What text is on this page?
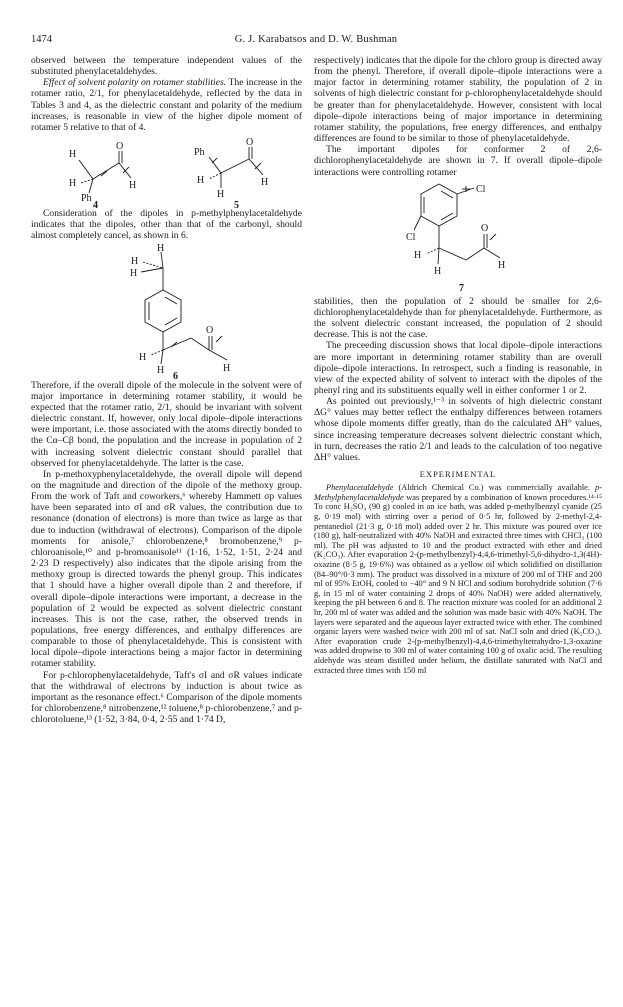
1474	G. J. Karabatsos and D. W. Bushman

observed between the temperature independent values of the substituted phenylacetaldehydes.

Effect of solvent polarity on rotamer stabilities. The increase in the rotamer ratio, 2/1, for phenylacetaldehyde, reflected by the data in Tables 3 and 4, as the dielectric constant and polarity of the medium increases, is reasonable in view of the higher dipole moment of rotamer 5 relative to that of 4.

H
O
H
Ph
H
4
Ph
O
H
H
H
5

Consideration of the dipoles in p-methylphenylacetaldehyde indicates that the dipoles, other than that of the carbonyl, should almost completely cancel, as shown in 6.

H
H
H
O
H
H	H
6

Therefore, if the overall dipole of the molecule in the solvent were of major importance in determining rotamer stability, it would be expected that the rotamer ratio, 2/1, should be invariant with solvent dielectric constant. If, however, only local dipole–dipole interactions were important, i.e. those associated with the atoms directly bonded to the Cα–Cβ bond, the population and the increase in population of 2 with increasing solvent dielectric constant should parallel that observed for phenylacetaldehyde. The latter is the case.

In p-methoxyphenylacetaldehyde, the overall dipole will depend on the magnitude and direction of the dipole of the methoxy group. From the work of Taft and coworkers,⁶ whereby Hammett σp values have been separated into σI and σR values, the contribution due to resonance (donation of electrons) is more than twice as large as that due to induction (withdrawal of electrons). Comparison of the dipole moments for anisole,⁷ chlorobenzene,⁸ bromobenzene,⁹ p-chloroanisole,¹⁰ and p-bromoanisole¹¹ (1·16, 1·52, 1·51, 2·24 and 2·23 D respectively) also indicates that the dipole arising from the methoxy group is directed towards the phenyl group. This indicates that 1 should have a higher overall dipole than 2 and therefore, if overall dipole–dipole interactions were important, a decrease in the population of 2 would be expected as solvent dielectric constant increases. This is not the case, rather, the observed trends in populations, free energy differences, and enthalpy differences are comparable to those of phenylacetaldehyde. This is consistent with local dipole–dipole interactions being a major factor in determining rotamer stability.

For p-chlorophenylacetaldehyde, Taft's σI and σR values indicate that the withdrawal of electrons by induction is about twice as important as the resonance effect.⁶ Comparison of the dipole moments for chlorobenzene,⁸ nitrobenzene,¹² toluene,⁸ p-chlorobenzene,⁷ and p-chlorotoluene,¹³ (1·52, 3·84, 0·4, 2·55 and 1·74 D,

respectively) indicates that the dipole for the chloro group is directed away from the phenyl. Therefore, if overall dipole–dipole interactions were a major factor in determining rotamer stability, the population of 2 in solvents of high dielectric constant for p-chlorophenylacetaldehyde should be greater than for phenylacetaldehyde. However, consistent with local dipole–dipole interactions being of major importance in determining rotamer stability, the populations, free energy differences, and enthalpy differences are found to be similar to those of phenylacetaldehyde.

The important dipoles for conformer 2 of 2,6-dichlorophenylacetaldehyde are shown in 7. If overall dipole–dipole interactions were controlling rotamer

Cl
O
Cl
H
H
H
7

stabilities, then the population of 2 should be smaller for 2,6-dichlorophenylacetaldehyde than for phenylacetaldehyde. Furthermore, as the solvent dielectric constant increased, the population of 2 should decrease. This is not the case.

The preceeding discussion shows that local dipole–dipole interactions are more important in determining rotamer stability than are overall dipole–dipole interactions. In retrospect, such a finding is reasonable, in view of the expected ability of solvent to interact with the dipoles of the phenyl ring and its substituents equally well in either conformer 1 or 2.

As pointed out previously,¹⁻³ in solvents of high dielectric constant ΔG° values may better reflect the enthalpy differences between rotamers whose dipole moments differ greatly, than do the calculated ΔH° values, since increasing temperature decreases solvent dielectric constant which, in turn, decreases the ratio 2/1 and leads to the calculation of too negative ΔH° values.

EXPERIMENTAL

Phenylacetaldehyde (Aldrich Chemical Co.) was commercially available. p-Methylphenylacetaldehyde was prepared by a combination of known procedures.¹⁴·¹⁵ To conc H₂SO₄ (90 g) cooled in an ice bath, was added p-methylbenzyl cyanide (25 g, 0·19 mol) with stirring over a period of 0·5 hr, followed by 2-methyl-2,4-pentanediol (21·3 g, 0·18 mol) added over 2 hr. This mixture was poured over ice (180 g), half-neutralized with 40% NaOH and extracted three times with CHCl₃ (100 ml). The pH was adjusted to 10 and the product extracted with ether and dried (K₂CO₃). After evaporation 2-(p-methylbenzyl)-4,4,6-trimethyl-5,6-dihydro-1,3(4H)-oxazine (8·5 g, 19·6%) was obtained as a yellow oil which solidified on distillation (84–90°/0·3 mm). The product was dissolved in a mixture of 200 ml of THF and 200 ml of 95% EtOH, cooled to −40° and 9 N HCl and sodium borohydride solution (7·6 g, in 15 ml of water containing 2 drops of 40% NaOH) were added alternatively, keeping the pH between 6 and 8. The reaction mixture was cooled for an additional 2 hr, 200 ml of water was added and the solution was made basic with 40% NaOH. The layers were separated and the aqueous layer extracted twice with ether. The combined organic layers were washed twice with 200 ml of sat. NaCl soln and dried (K₂CO₃). After evaporation crude 2-(p-methylbenzyl)-4,4,6-trimethyltetrahydro-1,3-oxazine was added dropwise to 300 ml of water containing 100 g of oxalic acid. The resulting aldehyde was steam distilled under helium, the distillate saturated with NaCl and extracted three times with 150 ml
